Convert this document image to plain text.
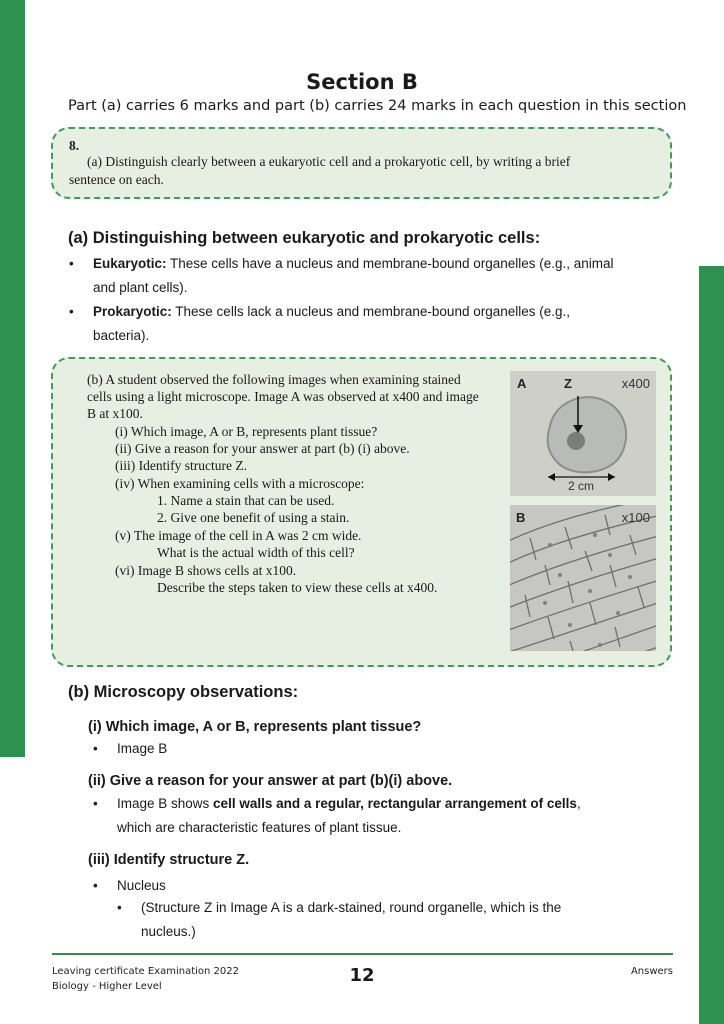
Section B
Part (a) carries 6 marks and part (b) carries 24 marks in each question in this section
8.
(a) Distinguish clearly between a eukaryotic cell and a prokaryotic cell, by writing a brief
sentence on each.
(a) Distinguishing between eukaryotic and prokaryotic cells:
• Eukaryotic: These cells have a nucleus and membrane-bound organelles (e.g., animal
and plant cells).
• Prokaryotic: These cells lack a nucleus and membrane-bound organelles (e.g.,
bacteria).
(b) A student observed the following images when examining stained
cells using a light microscope. Image A was observed at x400 and image
B at x100.
(i) Which image, A or B, represents plant tissue?
(ii) Give a reason for your answer at part (b) (i) above.
(iii) Identify structure Z.
(iv) When examining cells with a microscope:
1. Name a stain that can be used.
2. Give one benefit of using a stain.
(v) The image of the cell in A was 2 cm wide.
What is the actual width of this cell?
(vi) Image B shows cells at x100.
Describe the steps taken to view these cells at x400.
A	Z	x400
2 cm
B	x100
(b) Microscopy observations:
(i) Which image, A or B, represents plant tissue?
• Image B
(ii) Give a reason for your answer at part (b)(i) above.
• Image B shows cell walls and a regular, rectangular arrangement of cells,
which are characteristic features of plant tissue.
(iii) Identify structure Z.
• Nucleus
• (Structure Z in Image A is a dark-stained, round organelle, which is the
nucleus.)
Leaving certificate Examination 2022
Biology - Higher Level
12	Answers
